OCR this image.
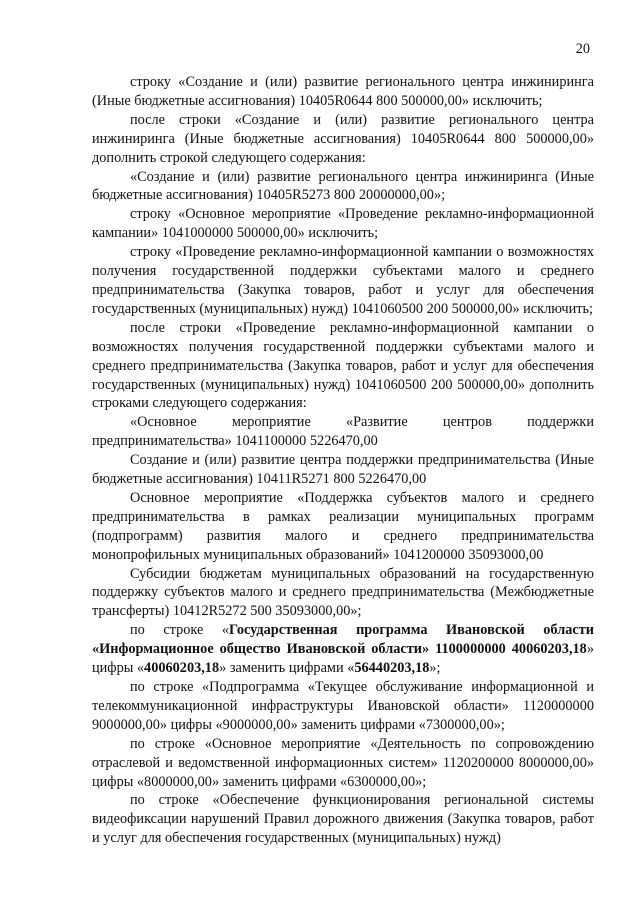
20

строку «Создание и (или) развитие регионального центра инжиниринга (Иные бюджетные ассигнования) 10405R0644 800 500000,00» исключить;

после строки «Создание и (или) развитие регионального центра инжиниринга (Иные бюджетные ассигнования) 10405R0644 800 500000,00» дополнить строкой следующего содержания:

«Создание и (или) развитие регионального центра инжиниринга (Иные бюджетные ассигнования) 10405R5273 800 20000000,00»;

строку «Основное мероприятие «Проведение рекламно-информационной кампании» 1041000000 500000,00» исключить;

строку «Проведение рекламно-информационной кампании о возможностях получения государственной поддержки субъектами малого и среднего предпринимательства (Закупка товаров, работ и услуг для обеспечения государственных (муниципальных) нужд) 1041060500 200 500000,00» исключить;

после строки «Проведение рекламно-информационной кампании о возможностях получения государственной поддержки субъектами малого и среднего предпринимательства (Закупка товаров, работ и услуг для обеспечения государственных (муниципальных) нужд) 1041060500 200 500000,00» дополнить строками следующего содержания:

«Основное мероприятие «Развитие центров поддержки предпринимательства» 1041100000 5226470,00

Создание и (или) развитие центра поддержки предпринимательства (Иные бюджетные ассигнования) 10411R5271 800 5226470,00

Основное мероприятие «Поддержка субъектов малого и среднего предпринимательства в рамках реализации муниципальных программ (подпрограмм) развития малого и среднего предпринимательства монопрофильных муниципальных образований» 1041200000 35093000,00

Субсидии бюджетам муниципальных образований на государственную поддержку субъектов малого и среднего предпринимательства (Межбюджетные трансферты) 10412R5272 500 35093000,00»;

по строке «Государственная программа Ивановской области «Информационное общество Ивановской области» 1100000000 40060203,18» цифры «40060203,18» заменить цифрами «56440203,18»;

по строке «Подпрограмма «Текущее обслуживание информационной и телекоммуникационной инфраструктуры Ивановской области» 1120000000 9000000,00» цифры «9000000,00» заменить цифрами «7300000,00»;

по строке «Основное мероприятие «Деятельность по сопровождению отраслевой и ведомственной информационных систем» 1120200000 8000000,00» цифры «8000000,00» заменить цифрами «6300000,00»;

по строке «Обеспечение функционирования региональной системы видеофиксации нарушений Правил дорожного движения (Закупка товаров, работ и услуг для обеспечения государственных (муниципальных) нужд)
